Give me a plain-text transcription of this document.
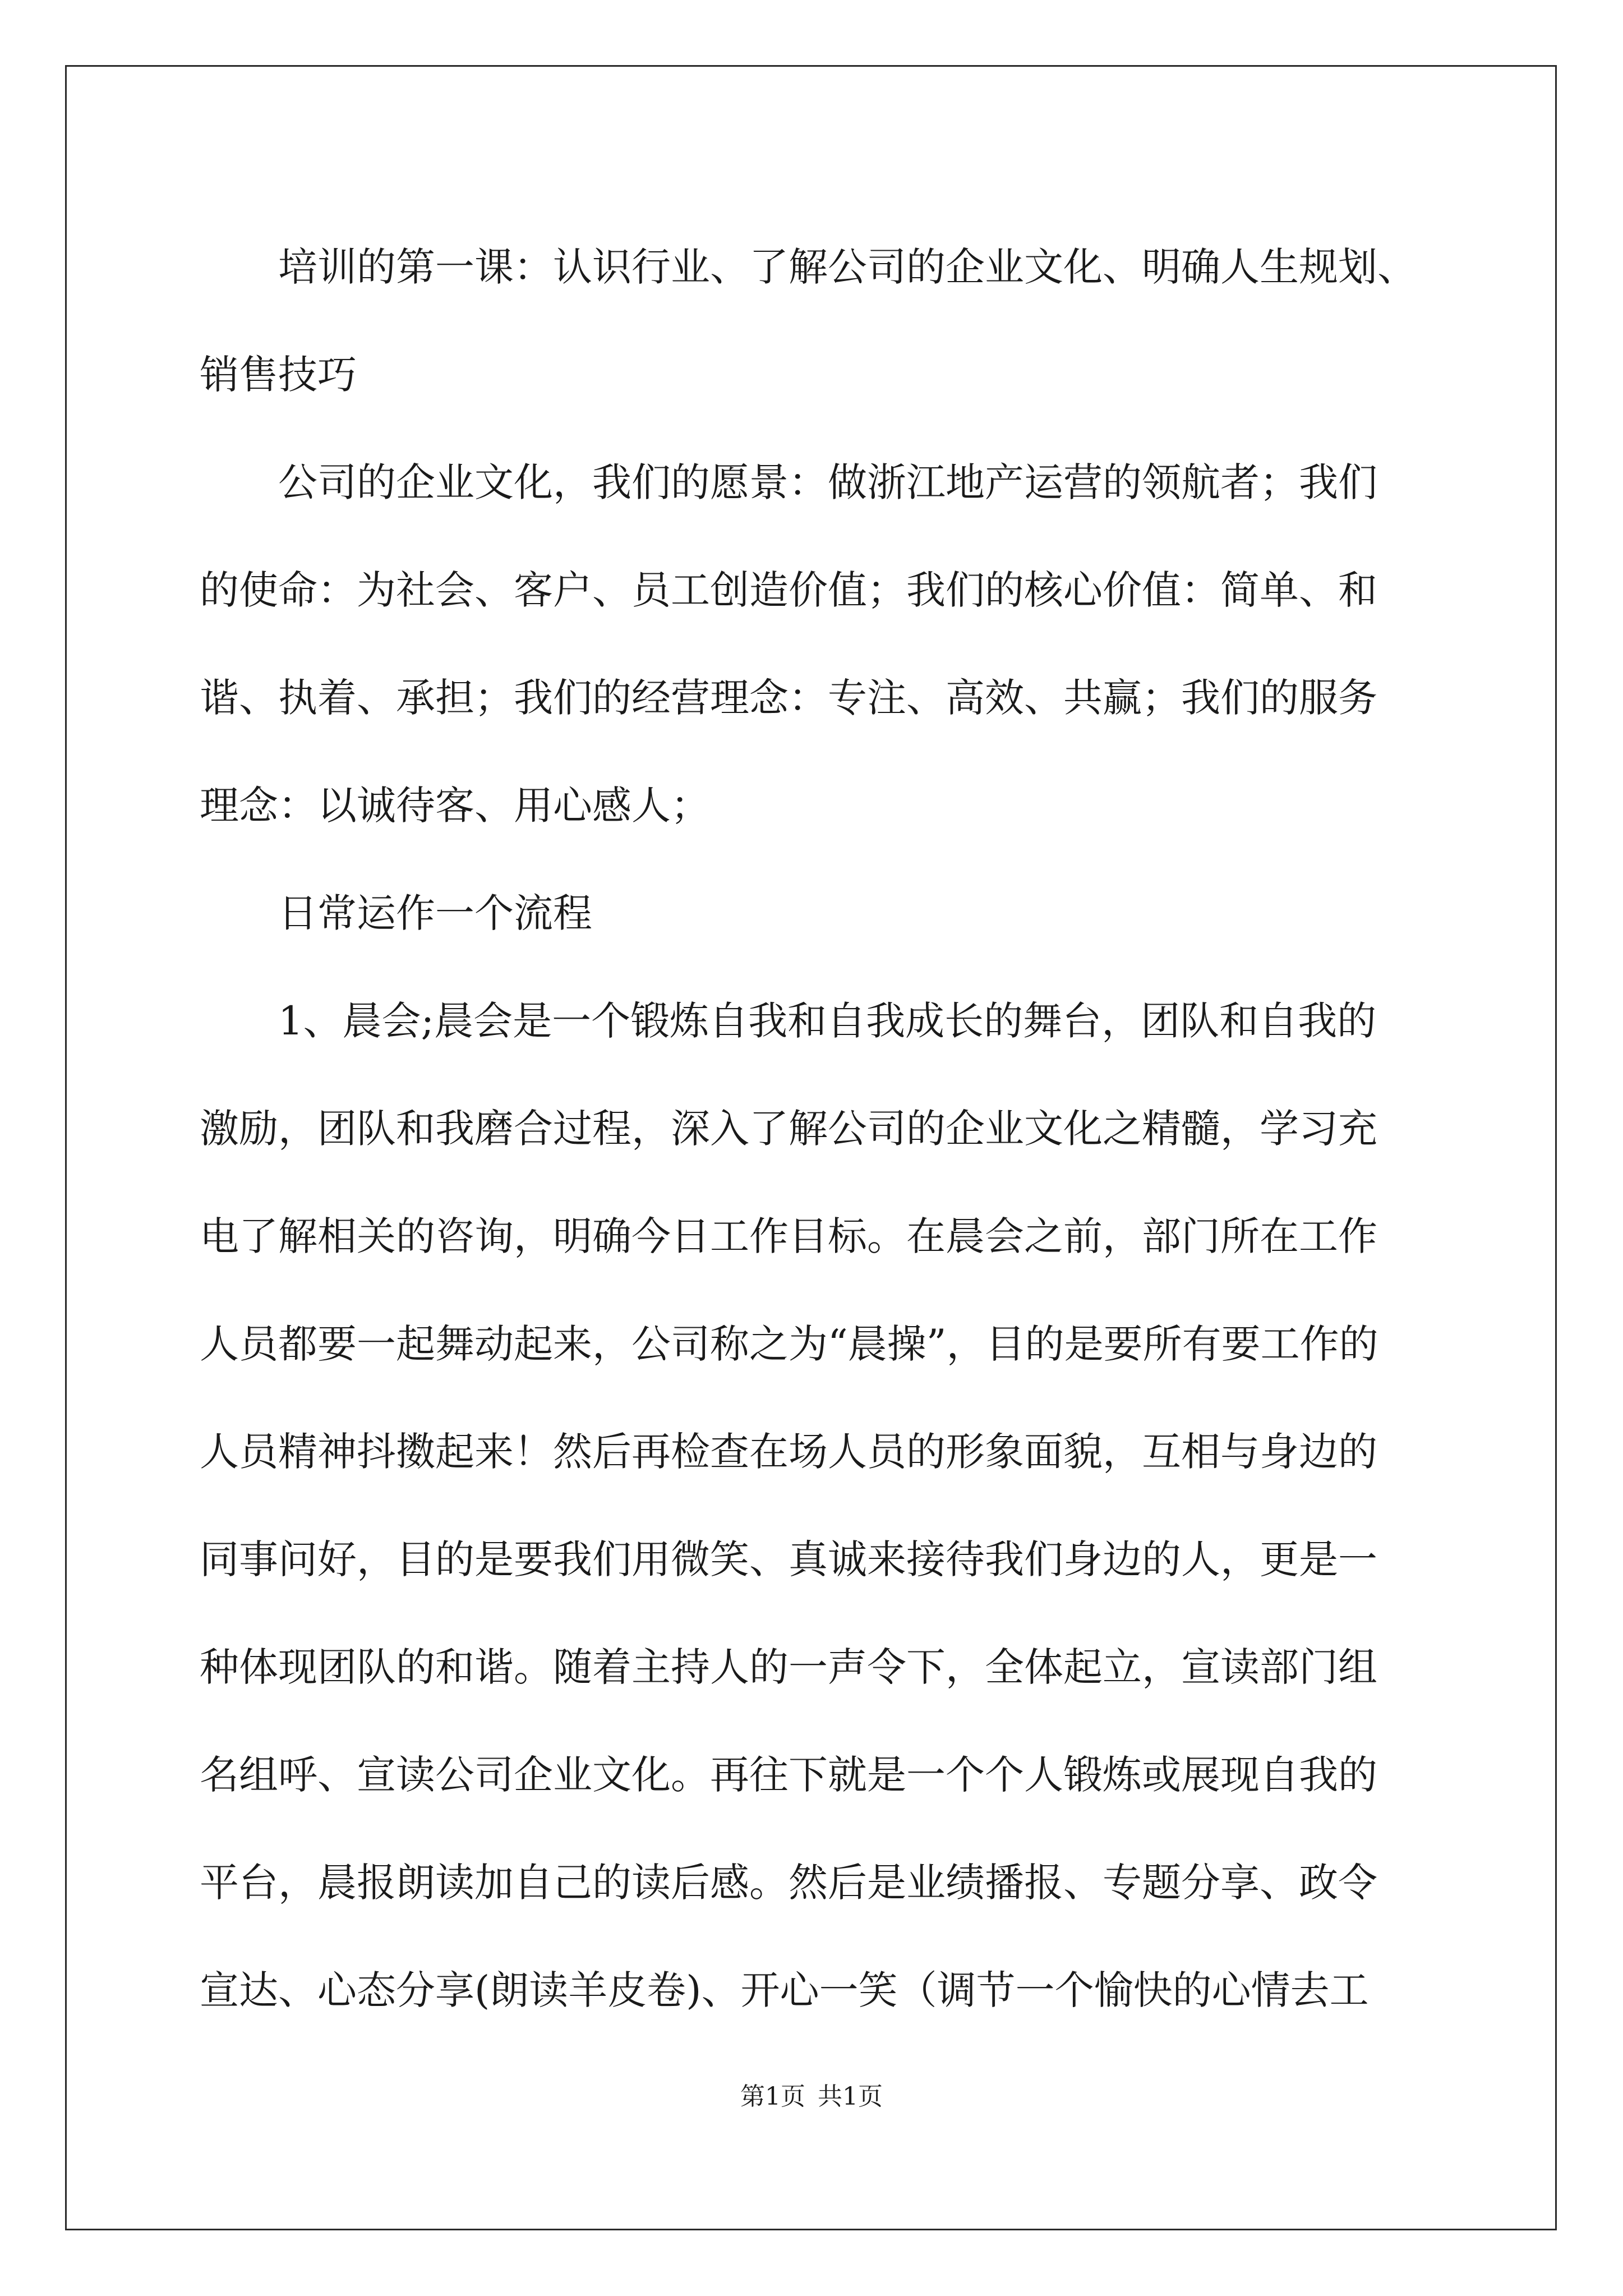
培训的第一课：认识行业、了解公司的企业文化、明确人生规划、
销售技巧
公司的企业文化，我们的愿景：做浙江地产运营的领航者；我们
的使命：为社会、客户、员工创造价值；我们的核心价值：简单、和
谐、执着、承担；我们的经营理念：专注、高效、共赢；我们的服务
理念：以诚待客、用心感人；
日常运作一个流程
1、晨会;晨会是一个锻炼自我和自我成长的舞台，团队和自我的
激励，团队和我磨合过程，深入了解公司的企业文化之精髓，学习充
电了解相关的咨询，明确今日工作目标。在晨会之前，部门所在工作
人员都要一起舞动起来，公司称之为“晨操”，目的是要所有要工作的
人员精神抖擞起来！然后再检查在场人员的形象面貌，互相与身边的
同事问好，目的是要我们用微笑、真诚来接待我们身边的人，更是一
种体现团队的和谐。随着主持人的一声令下，全体起立，宣读部门组
名组呼、宣读公司企业文化。再往下就是一个个人锻炼或展现自我的
平台，晨报朗读加自己的读后感。然后是业绩播报、专题分享、政令
宣达、心态分享(朗读羊皮卷)、开心一笑（调节一个愉快的心情去工
第1页 共1页
